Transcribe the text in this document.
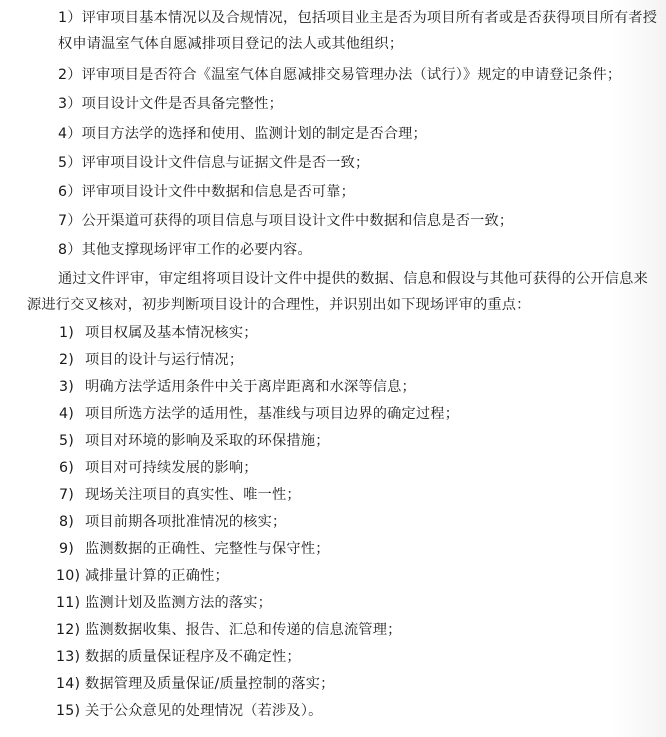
1）评审项目基本情况以及合规情况，包括项目业主是否为项目所有者或是否获得项目所有者授
权申请温室气体自愿减排项目登记的法人或其他组织；
2）评审项目是否符合《温室气体自愿减排交易管理办法（试行）》规定的申请登记条件；
3）项目设计文件是否具备完整性；
4）项目方法学的选择和使用、监测计划的制定是否合理；
5）评审项目设计文件信息与证据文件是否一致；
6）评审项目设计文件中数据和信息是否可靠；
7）公开渠道可获得的项目信息与项目设计文件中数据和信息是否一致；
8）其他支撑现场评审工作的必要内容。
通过文件评审，审定组将项目设计文件中提供的数据、信息和假设与其他可获得的公开信息来
源进行交叉核对，初步判断项目设计的合理性，并识别出如下现场评审的重点：
1) 项目权属及基本情况核实；
2) 项目的设计与运行情况；
3) 明确方法学适用条件中关于离岸距离和水深等信息；
4) 项目所选方法学的适用性，基准线与项目边界的确定过程；
5) 项目对环境的影响及采取的环保措施；
6) 项目对可持续发展的影响；
7) 现场关注项目的真实性、唯一性；
8) 项目前期各项批准情况的核实；
9) 监测数据的正确性、完整性与保守性；
10) 减排量计算的正确性；
11) 监测计划及监测方法的落实；
12) 监测数据收集、报告、汇总和传递的信息流管理；
13) 数据的质量保证程序及不确定性；
14) 数据管理及质量保证/质量控制的落实；
15) 关于公众意见的处理情况（若涉及）。
